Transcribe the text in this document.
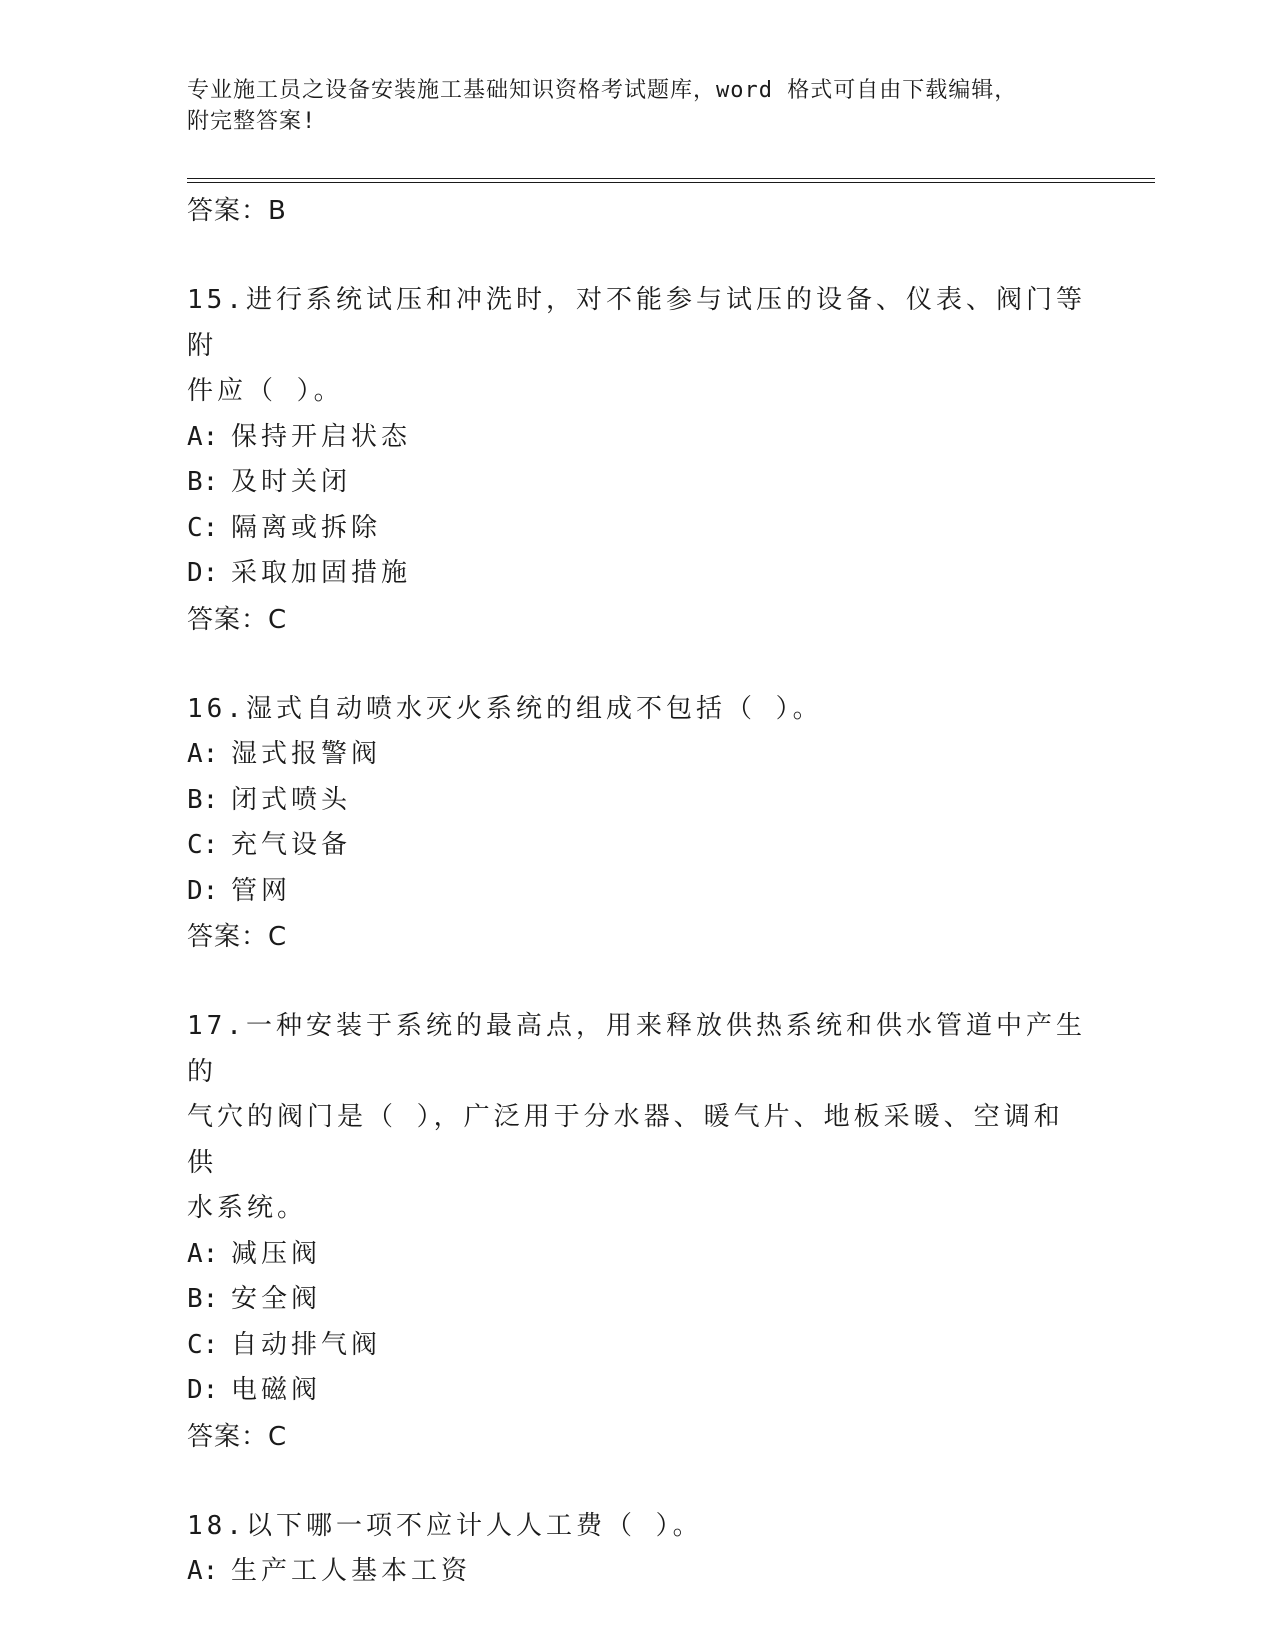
专业施工员之设备安装施工基础知识资格考试题库，word 格式可自由下载编辑，
附完整答案!
答案：B
15.进行系统试压和冲洗时，对不能参与试压的设备、仪表、阀门等附
件应（ ）。
A: 保持开启状态
B: 及时关闭
C: 隔离或拆除
D: 采取加固措施
答案：C
16.湿式自动喷水灭火系统的组成不包括（ ）。
A: 湿式报警阀
B: 闭式喷头
C: 充气设备
D: 管网
答案：C
17.一种安装于系统的最高点，用来释放供热系统和供水管道中产生的
气穴的阀门是（ ），广泛用于分水器、暖气片、地板采暖、空调和供
水系统。
A: 减压阀
B: 安全阀
C: 自动排气阀
D: 电磁阀
答案：C
18.以下哪一项不应计人人工费（ ）。
A: 生产工人基本工资
